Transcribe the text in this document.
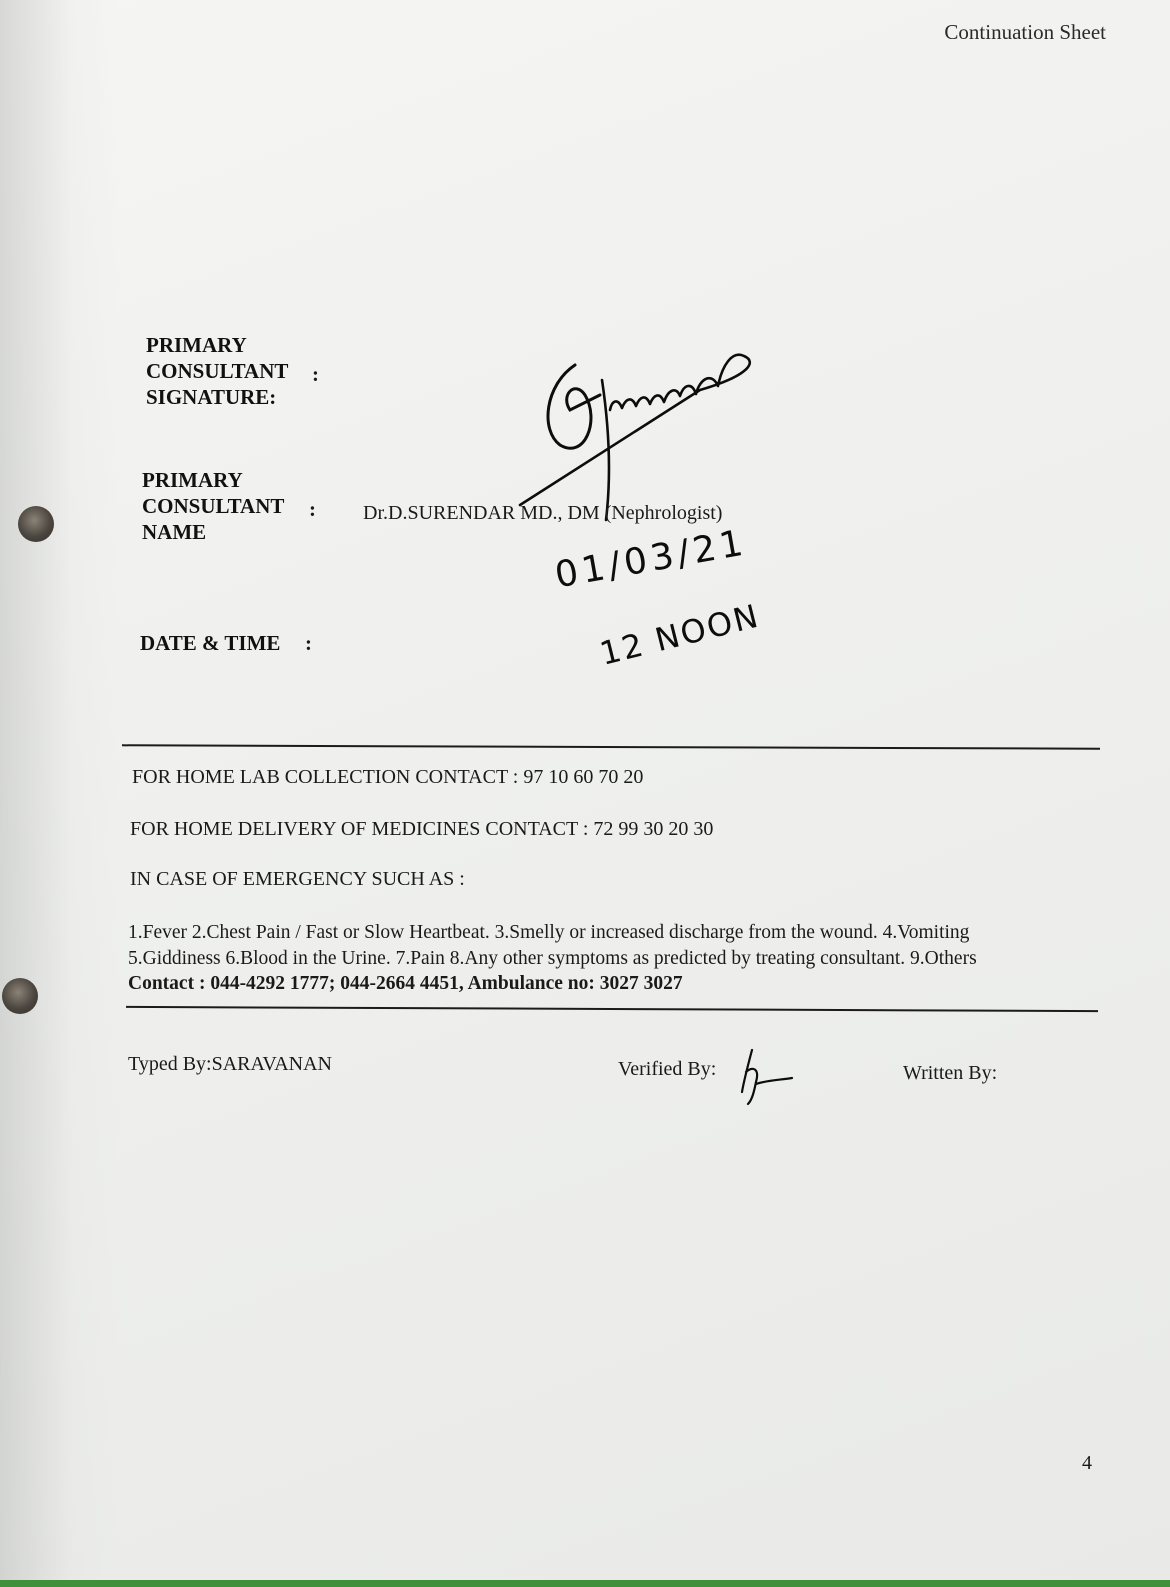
Continuation Sheet
PRIMARY
CONSULTANT
SIGNATURE:
:
PRIMARY
CONSULTANT
NAME
: Dr.D.SURENDAR MD., DM (Nephrologist)
DATE & TIME :
01/03/21
12 NOON
FOR HOME LAB COLLECTION CONTACT : 97 10 60 70 20
FOR HOME DELIVERY OF MEDICINES CONTACT : 72 99 30 20 30
IN CASE OF EMERGENCY SUCH AS :
1.Fever 2.Chest Pain / Fast or Slow Heartbeat. 3.Smelly or increased discharge from the wound. 4.Vomiting
5.Giddiness 6.Blood in the Urine. 7.Pain 8.Any other symptoms as predicted by treating consultant. 9.Others
Contact : 044-4292 1777; 044-2664 4451, Ambulance no: 3027 3027
Typed By:SARAVANAN	Verified By:	Written By:
4
